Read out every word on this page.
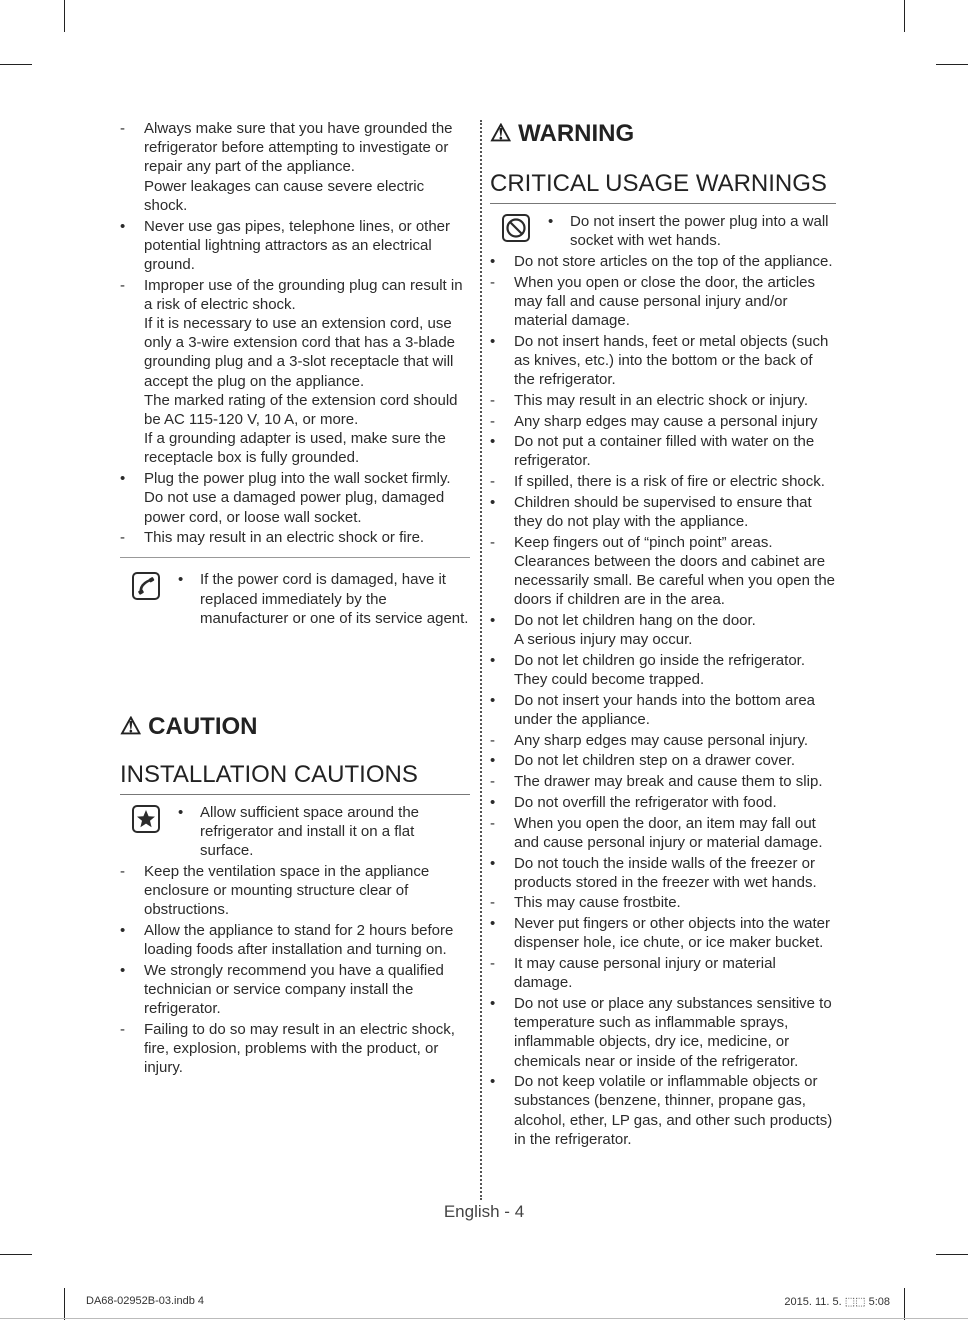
-	Always make sure that you have grounded the refrigerator before attempting to investigate or repair any part of the appliance.
Power leakages can cause severe electric shock.
•	Never use gas pipes, telephone lines, or other potential lightning attractors as an electrical ground.
-	Improper use of the grounding plug can result in a risk of electric shock.
If it is necessary to use an extension cord, use only a 3-wire extension cord that has a 3-blade grounding plug and a 3-slot receptacle that will accept the plug on the appliance.
The marked rating of the extension cord should be AC 115-120 V, 10 A, or more.
If a grounding adapter is used, make sure the receptacle box is fully grounded.
•	Plug the power plug into the wall socket firmly.
Do not use a damaged power plug, damaged power cord, or loose wall socket.
-	This may result in an electric shock or fire.
•	If the power cord is damaged, have it replaced immediately by the manufacturer or one of its service agent.
⚠ CAUTION
INSTALLATION CAUTIONS
•	Allow sufficient space around the refrigerator and install it on a flat surface.
-	Keep the ventilation space in the appliance enclosure or mounting structure clear of obstructions.
•	Allow the appliance to stand for 2 hours before loading foods after installation and turning on.
•	We strongly recommend you have a qualified technician or service company install the refrigerator.
-	Failing to do so may result in an electric shock, fire, explosion, problems with the product, or injury.
⚠ WARNING
CRITICAL USAGE WARNINGS
•	Do not insert the power plug into a wall socket with wet hands.
•	Do not store articles on the top of the appliance.
-	When you open or close the door, the articles may fall and cause personal injury and/or material damage.
•	Do not insert hands, feet or metal objects (such as knives, etc.) into the bottom or the back of the refrigerator.
-	This may result in an electric shock or injury.
-	Any sharp edges may cause a personal injury
•	Do not put a container filled with water on the refrigerator.
-	If spilled, there is a risk of fire or electric shock.
•	Children should be supervised to ensure that they do not play with the appliance.
-	Keep fingers out of “pinch point” areas. Clearances between the doors and cabinet are necessarily small. Be careful when you open the doors if children are in the area.
•	Do not let children hang on the door.
A serious injury may occur.
•	Do not let children go inside the refrigerator. They could become trapped.
•	Do not insert your hands into the bottom area under the appliance.
-	Any sharp edges may cause personal injury.
•	Do not let children step on a drawer cover.
-	The drawer may break and cause them to slip.
•	Do not overfill the refrigerator with food.
-	When you open the door, an item may fall out and cause personal injury or material damage.
•	Do not touch the inside walls of the freezer or products stored in the freezer with wet hands.
-	This may cause frostbite.
•	Never put fingers or other objects into the water dispenser hole, ice chute, or ice maker bucket.
-	It may cause personal injury or material damage.
•	Do not use or place any substances sensitive to temperature such as inflammable sprays, inflammable objects, dry ice, medicine, or chemicals near or inside of the refrigerator.
•	Do not keep volatile or inflammable objects or substances (benzene, thinner, propane gas, alcohol, ether, LP gas, and other such products) in the refrigerator.
English - 4
DA68-02952B-03.indb 4	2015. 11. 5. ⬚⬚ 5:08
